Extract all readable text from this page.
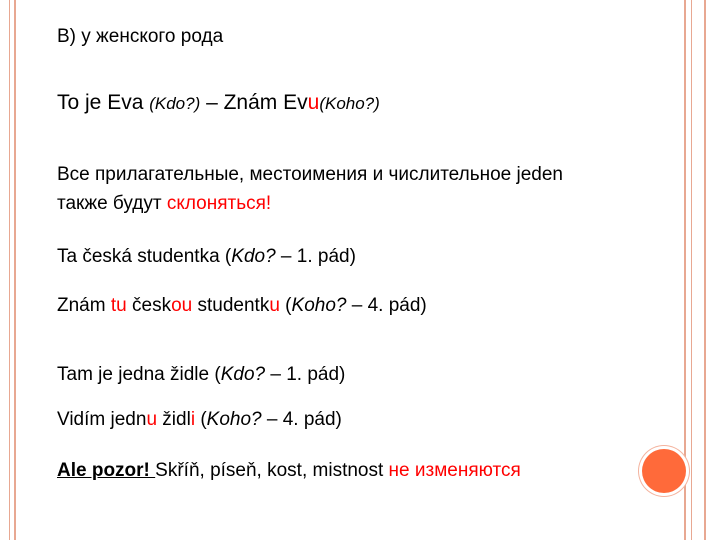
B) у женского рода
To je Eva (Kdo?) – Znám Evu(Koho?)
Все прилагательные, местоимения и числительное jeden
также будут склоняться!
Ta česká studentka (Kdo? – 1. pád)
Znám tu českou studentku (Koho? – 4. pád)
Tam je jedna židle (Kdo? – 1. pád)
Vidím jednu židli (Koho? – 4. pád)
Ale pozor! Skříň, píseň, kost, mistnost не изменяются
